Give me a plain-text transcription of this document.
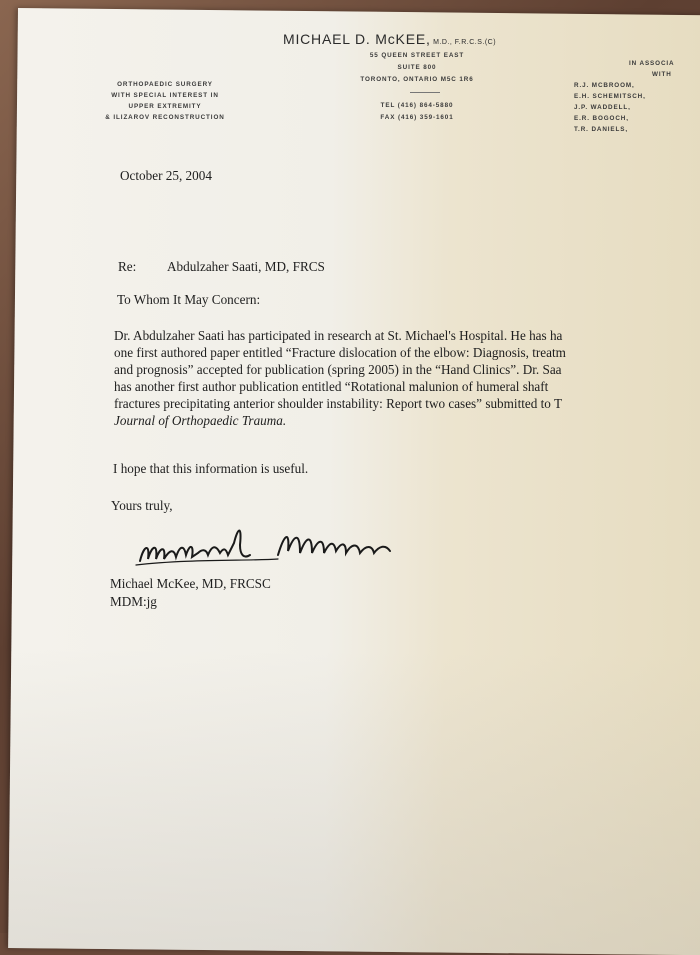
MICHAEL D. McKEE, M.D., F.R.C.S.(C)
55 QUEEN STREET EAST
SUITE 800
TORONTO, ONTARIO M5C 1R6
TEL (416) 864-5880
FAX (416) 359-1601
ORTHOPAEDIC SURGERY
WITH SPECIAL INTEREST IN
UPPER EXTREMITY
& ILIZAROV RECONSTRUCTION
IN ASSOCIA
WITH
R.J. MCBROOM,
E.H. SCHEMITSCH,
J.P. WADDELL,
E.R. BOGOCH,
T.R. DANIELS,
October 25, 2004
Re: Abdulzaher Saati, MD, FRCS
To Whom It May Concern:
Dr. Abdulzaher Saati has participated in research at St. Michael's Hospital. He has ha
one first authored paper entitled “Fracture dislocation of the elbow: Diagnosis, treatm
and prognosis” accepted for publication (spring 2005) in the “Hand Clinics”. Dr. Saa
has another first author publication entitled “Rotational malunion of humeral shaft
fractures precipitating anterior shoulder instability: Report two cases” submitted to T
Journal of Orthopaedic Trauma.
I hope that this information is useful.
Yours truly,
Michael McKee, MD, FRCSC
MDM:jg
